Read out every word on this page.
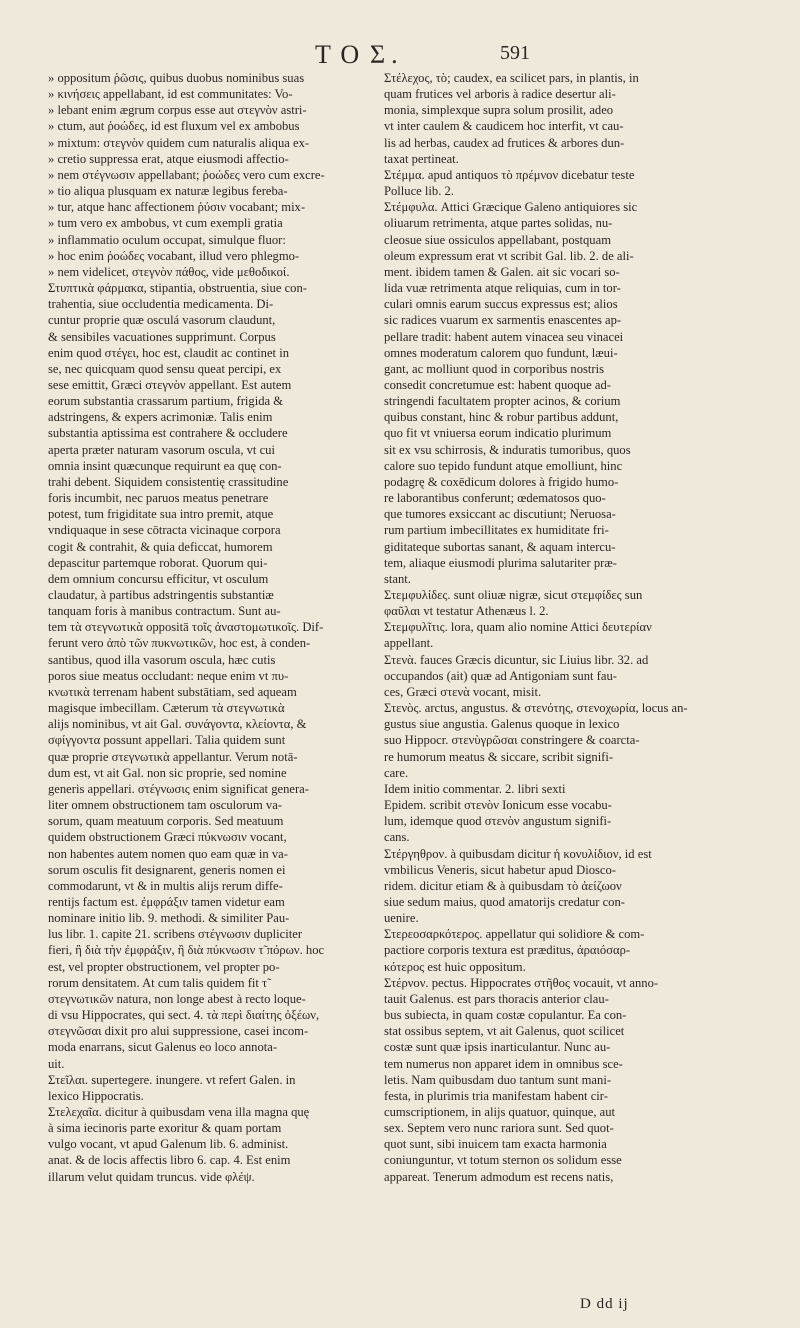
TO Σ.	591
» oppositum ῥῶσις, quibus duobus nominibus suas
» κινήσεις appellabant, id est communitates: Vo-
» lebant enim ægrum corpus esse aut στεγνὸν astri-
» ctum, aut ῥοώδες, id est fluxum vel ex ambobus
» mixtum: στεγνὸν quidem cum naturalis aliqua ex-
» cretio suppressa erat, atque eiusmodi affectio-
» nem στέγνωσιν appellabant; ῥοώδες vero cum excre-
» tio aliqua plusquam ex naturæ legibus fereba-
» tur, atque hanc affectionem ῥύσιν vocabant; mix-
» tum vero ex ambobus, vt cum exempli gratia
» inflammatio oculum occupat, simulque fluor:
» hoc enim ῥοώδες vocabant, illud vero phlegmo-
» nem videlicet, στεγνὸν πάθος, vide μεθοδικοί.
Στυπτικὰ φάρμακα, stipantia, obstruentia, siue con-
trahentia, siue occludentia medicamenta. Di-
cuntur proprie quæ osculá vasorum claudunt,
& sensibiles vacuationes supprimunt. Corpus
enim quod στέγει, hoc est, claudit ac continet in
se, nec quicquam quod sensu queat percipi, ex
sese emittit, Græci στεγνὸν appellant. Est autem
eorum substantia crassarum partium, frigida &
adstringens, & expers acrimoniæ. Talis enim
substantia aptissima est contrahere & occludere
aperta præter naturam vasorum oscula, vt cui
omnia insint quæcunque requirunt ea quę con-
trahi debent. Siquidem consistentię crassitudine
foris incumbit, nec paruos meatus penetrare
potest, tum frigiditate sua intro premit, atque
vndiquaque in sese cōtracta vicinaque corpora
cogit & contrahit, & quia deficcat, humorem
depascitur partemque roborat. Quorum qui-
dem omnium concursu efficitur, vt osculum
claudatur, à partibus adstringentis substantiæ
tanquam foris à manibus contractum. Sunt au-
tem τὰ στεγνωτικὰ oppositā τοῖς ἀναστομωτικοῖς. Dif-
ferunt vero ἀπὸ τῶν πυκνωτικῶν, hoc est, à conden-
santibus, quod illa vasorum oscula, hæc cutis
poros siue meatus occludant: neque enim vt πυ-
κνωτικὰ terrenam habent substātiam, sed aqueam
magisque imbecillam. Cæterum τὰ στεγνωτικὰ
alijs nominibus, vt ait Gal. συνάγοντα, κλείοντα, &
σφίγγοντα possunt appellari. Talia quidem sunt
quæ proprie στεγνωτικὰ appellantur. Verum notā-
dum est, vt ait Gal. non sic proprie, sed nomine
generis appellari. στέγνωσις enim significat genera-
liter omnem obstructionem tam osculorum va-
sorum, quam meatuum corporis. Sed meatuum
quidem obstructionem Græci πύκνωσιν vocant,
non habentes autem nomen quo eam quæ in va-
sorum osculis fit designarent, generis nomen ei
commodarunt, vt & in multis alijs rerum diffe-
rentijs factum est. ἐμφράξιν tamen videtur eam
nominare initio lib. 9. methodi. & similiter Pau-
lus libr. 1. capite 21. scribens στέγνωσιν dupliciter
fieri, ἢ διὰ τὴν ἐμφράξιν, ἢ διὰ πύκνωσιν τ̃ πόρων. hoc
est, vel propter obstructionem, vel propter po-
rorum densitatem. At cum talis quidem fit τ̃
στεγνωτικῶν natura, non longe abest à recto loque-
di vsu Hippocrates, qui sect. 4. τὰ περὶ διαίτης ὀξέων,
στεγνῶσαι dixit pro alui suppressione, casei incom-
moda enarrans, sicut Galenus eo loco annota-
uit.
Στεῖλαι. supertegere. inungere. vt refert Galen. in
lexico Hippocratis.
Στελεχαῖα. dicitur à quibusdam vena illa magna quę
à sima iecinoris parte exoritur & quam portam
vulgo vocant, vt apud Galenum lib. 6. administ.
anat. & de locis affectis libro 6. cap. 4. Est enim
illarum velut quidam truncus. vide φλέψ.
Στέλεχος, τὸ; caudex, ea scilicet pars, in plantis, in
quam frutices vel arboris à radice desertur ali-
monia, simplexque supra solum prosilit, adeo
vt inter caulem & caudicem hoc interfit, vt cau-
lis ad herbas, caudex ad frutices & arbores dun-
taxat pertineat.
Στέμμα. apud antiquos τὸ πρέμνον dicebatur teste
Polluce lib. 2.
Στέμφυλα. Attici Græcique Galeno antiquiores sic
oliuarum retrimenta, atque partes solidas, nu-
cleosue siue ossiculos appellabant, postquam
oleum expressum erat vt scribit Gal. lib. 2. de ali-
ment. ibidem tamen & Galen. ait sic vocari so-
lida vuæ retrimenta atque reliquias, cum in tor-
culari omnis earum succus expressus est; alios
sic radices vuarum ex sarmentis enascentes ap-
pellare tradit: habent autem vinacea seu vinacei
omnes moderatum calorem quo fundunt, læui-
gant, ac molliunt quod in corporibus nostris
consedit concretumue est: habent quoque ad-
stringendi facultatem propter acinos, & corium
quibus constant, hinc & robur partibus addunt,
quo fit vt vniuersa eorum indicatio plurimum
sit ex vsu schirrosis, & induratis tumoribus, quos
calore suo tepido fundunt atque emolliunt, hinc
podagrę & coxēdicum dolores à frigido humo-
re laborantibus conferunt; œdematosos quo-
que tumores exsiccant ac discutiunt; Neruosa-
rum partium imbecillitates ex humiditate fri-
giditateque subortas sanant, & aquam intercu-
tem, aliaque eiusmodi plurima salutariter præ-
stant.
Στεμφυλίδες. sunt oliuæ nigræ, sicut στεμφίδες sun
φαῦλαι vt testatur Athenæus l. 2.
Στεμφυλῖτις. lora, quam alio nomine Attici δευτερίαν
appellant.
Στενὰ. fauces Græcis dicuntur, sic Liuius libr. 32. ad
occupandos (ait) quæ ad Antigoniam sunt fau-
ces, Græci στενὰ vocant, misit.
Στενὸς. arctus, angustus. & στενότης, στενοχωρία, locus an-
gustus siue angustia. Galenus quoque in lexico
suo Hippocr. στενὺγρῶσαι constringere & coarcta-
re humorum meatus & siccare, scribit signifi-
care.
Idem initio commentar. 2. libri sexti
Epidem. scribit στενὸν Ionicum esse vocabu-
lum, idemque quod στενὸν angustum signifi-
cans.
Στέργηθρον. à quibusdam dicitur ἡ κονυλίδιον, id est
vmbilicus Veneris, sicut habetur apud Dioscο-
ridem. dicitur etiam & à quibusdam τὸ ἀείζωον
siue sedum maius, quod amatorijs credatur con-
uenire.
Στερεοσαρκότερος. appellatur qui solidiore & com-
pactiore corporis textura est præditus, ἀραιόσαρ-
κότερος est huic oppositum.
Στέρνον. pectus. Hippocrates στῆθος vocauit, vt anno-
tauit Galenus. est pars thoracis anterior clau-
bus subiecta, in quam costæ copulantur. Ea con-
stat ossibus septem, vt ait Galenus, quot scilicet
costæ sunt quæ ipsis inarticulantur. Nunc au-
tem numerus non apparet idem in omnibus sce-
letis. Nam quibusdam duo tantum sunt mani-
festa, in plurimis tria manifestam habent cir-
cumscriptionem, in alijs quatuor, quinque, aut
sex. Septem vero nunc rariora sunt. Sed quot-
quot sunt, sibi inuicem tam exacta harmonia
coniunguntur, vt totum sternon os solidum esse
appareat. Tenerum admodum est recens natis,
D dd ij
